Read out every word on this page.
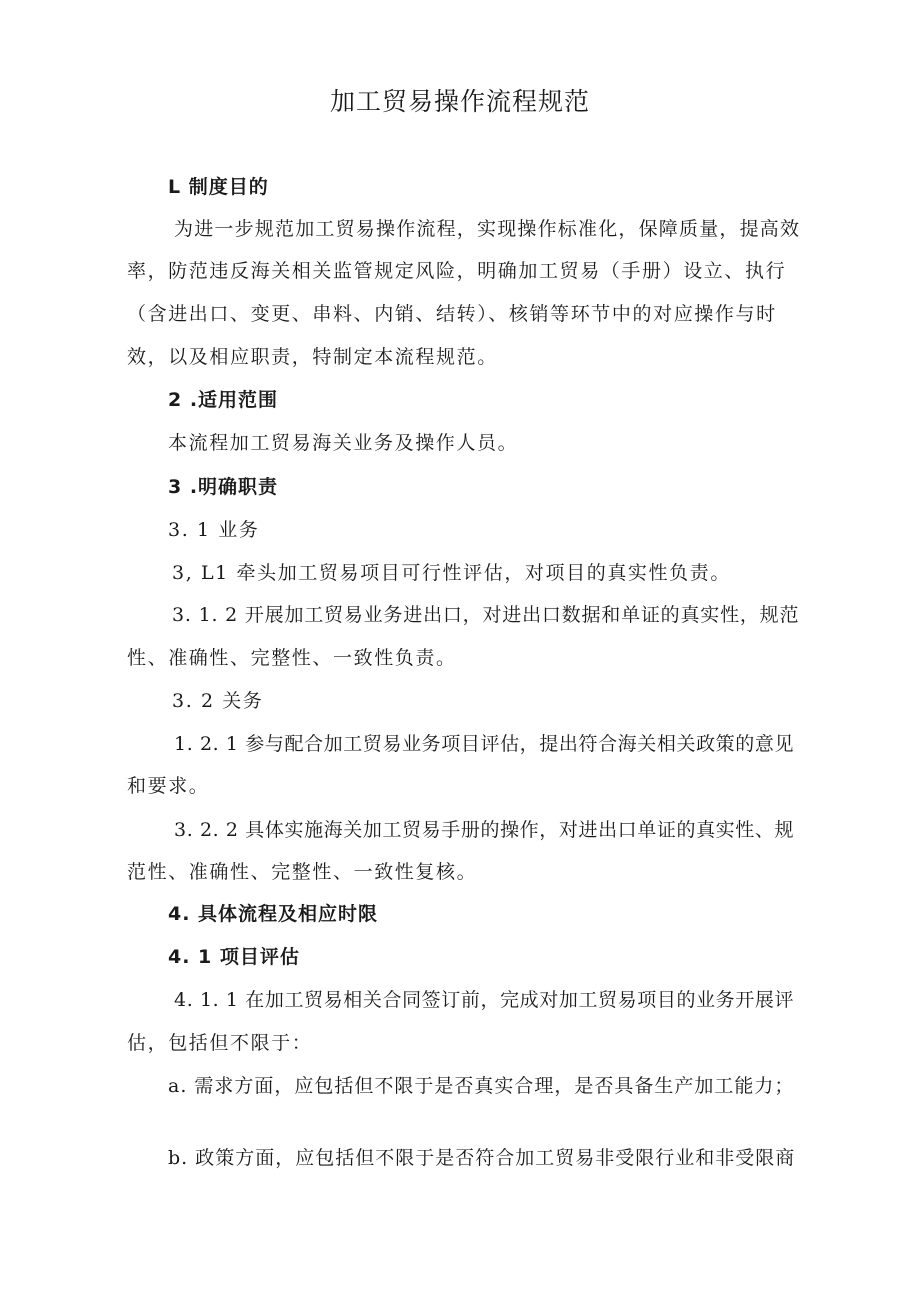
加工贸易操作流程规范
L 制度目的
为进一步规范加工贸易操作流程，实现操作标准化，保障质量，提高效
率，防范违反海关相关监管规定风险，明确加工贸易（手册）设立、执行
（含进出口、变更、串料、内销、结转）、核销等环节中的对应操作与时
效，以及相应职责，特制定本流程规范。
2 .适用范围
本流程加工贸易海关业务及操作人员。
3 .明确职责
3. 1 业务
3, L1 牵头加工贸易项目可行性评估，对项目的真实性负责。
3. 1. 2 开展加工贸易业务进出口，对进出口数据和单证的真实性，规范
性、准确性、完整性、一致性负责。
3. 2 关务
1. 2. 1 参与配合加工贸易业务项目评估，提出符合海关相关政策的意见
和要求。
3. 2. 2 具体实施海关加工贸易手册的操作，对进出口单证的真实性、规
范性、准确性、完整性、一致性复核。
4. 具体流程及相应时限
4. 1 项目评估
4. 1. 1 在加工贸易相关合同签订前，完成对加工贸易项目的业务开展评
估，包括但不限于：
a. 需求方面，应包括但不限于是否真实合理，是否具备生产加工能力；
b. 政策方面，应包括但不限于是否符合加工贸易非受限行业和非受限商
